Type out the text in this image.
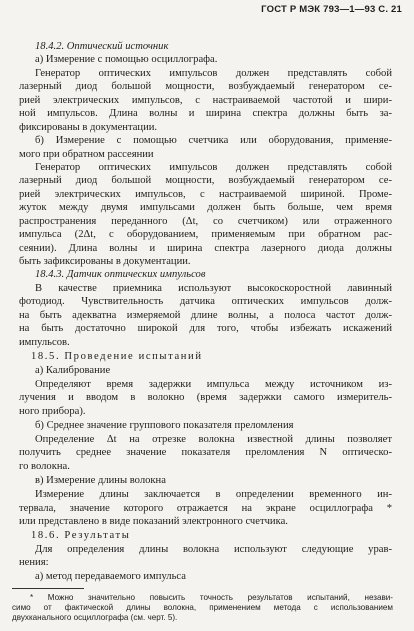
ГОСТ Р МЭК 793—1—93 С. 21
18.4.2. Оптический источник
а) Измерение с помощью осциллографа.
Генератор оптических импульсов должен представлять собой
лазерный диод большой мощности, возбуждаемый генератором се-
рией электрических импульсов, с настраиваемой частотой и шири-
ной импульсов. Длина волны и ширина спектра должны быть за-
фиксированы в документации.
б) Измерение с помощью счетчика или оборудования, применяе-
мого при обратном рассеянии
Генератор оптических импульсов должен представлять собой
лазерный диод большой мощности, возбуждаемый генератором се-
рией электрических импульсов, с настраиваемой шириной. Проме-
жуток между двумя импульсами должен быть больше, чем время
распространения переданного (Δt, со счетчиком) или отраженного
импульса (2Δt, с оборудованием, применяемым при обратном рас-
сеянии). Длина волны и ширина спектра лазерного диода должны
быть зафиксированы в документации.
18.4.3. Датчик оптических импульсов
В качестве приемника используют высокоскоростной лавинный
фотодиод. Чувствительность датчика оптических импульсов долж-
на быть адекватна измеряемой длине волны, а полоса частот долж-
на быть достаточно широкой для того, чтобы избежать искажений
импульсов.
18.5. Проведение испытаний
а) Калибрование
Определяют время задержки импульса между источником из-
лучения и вводом в волокно (время задержки самого измеритель-
ного прибора).
б) Среднее значение группового показателя преломления
Определение Δt на отрезке волокна известной длины позволяет
получить среднее значение показателя преломления N оптическо-
го волокна.
в) Измерение длины волокна
Измерение длины заключается в определении временного ин-
тервала, значение которого отражается на экране осциллографа *
или представлено в виде показаний электронного счетчика.
18.6. Результаты
Для определения длины волокна используют следующие урав-
нения:
а) метод передаваемого импульса
* Можно значительно повысить точность результатов испытаний, незави-
симо от фактической длины волокна, применением метода с использованием
двухканального осциллографа (см. черт. 5).
